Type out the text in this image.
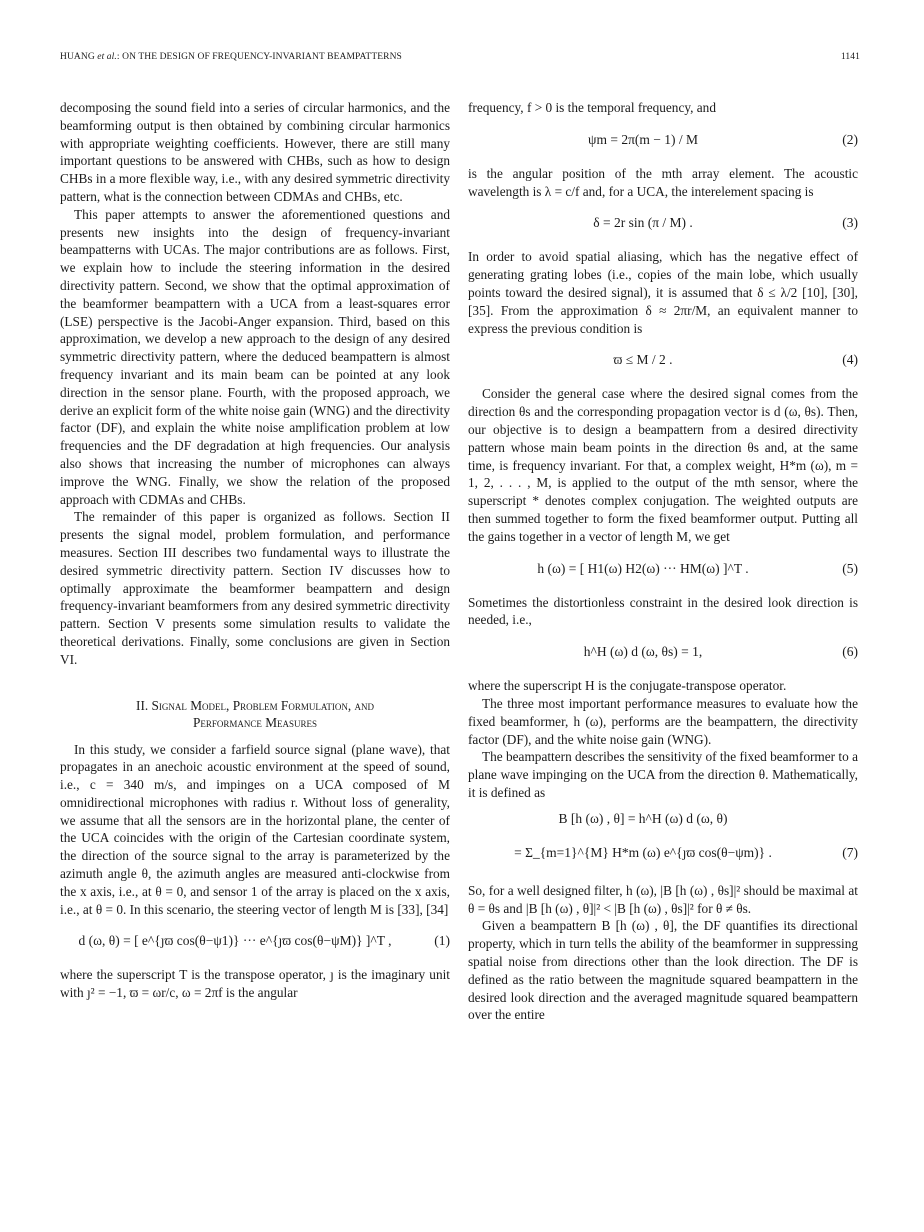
HUANG et al.: ON THE DESIGN OF FREQUENCY-INVARIANT BEAMPATTERNS	1141

decomposing the sound field into a series of circular harmonics, and the beamforming output is then obtained by combining circular harmonics with appropriate weighting coefficients. However, there are still many important questions to be answered with CHBs, such as how to design CHBs in a more flexible way, i.e., with any desired symmetric directivity pattern, what is the connection between CDMAs and CHBs, etc.

This paper attempts to answer the aforementioned questions and presents new insights into the design of frequency-invariant beampatterns with UCAs. The major contributions are as follows. First, we explain how to include the steering information in the desired directivity pattern. Second, we show that the optimal approximation of the beamformer beampattern with a UCA from a least-squares error (LSE) perspective is the Jacobi-Anger expansion. Third, based on this approximation, we develop a new approach to the design of any desired symmetric directivity pattern, where the deduced beampattern is almost frequency invariant and its main beam can be pointed at any look direction in the sensor plane. Fourth, with the proposed approach, we derive an explicit form of the white noise gain (WNG) and the directivity factor (DF), and explain the white noise amplification problem at low frequencies and the DF degradation at high frequencies. Our analysis also shows that increasing the number of microphones can always improve the WNG. Finally, we show the relation of the proposed approach with CDMAs and CHBs.

The remainder of this paper is organized as follows. Section II presents the signal model, problem formulation, and performance measures. Section III describes two fundamental ways to illustrate the desired symmetric directivity pattern. Section IV discusses how to optimally approximate the beamformer beampattern and design frequency-invariant beamformers from any desired symmetric directivity pattern. Section V presents some simulation results to validate the theoretical derivations. Finally, some conclusions are given in Section VI.

II. Signal Model, Problem Formulation, and
Performance Measures

In this study, we consider a farfield source signal (plane wave), that propagates in an anechoic acoustic environment at the speed of sound, i.e., c = 340 m/s, and impinges on a UCA composed of M omnidirectional microphones with radius r. Without loss of generality, we assume that all the sensors are in the horizontal plane, the center of the UCA coincides with the origin of the Cartesian coordinate system, the direction of the source signal to the array is parameterized by the azimuth angle θ, the azimuth angles are measured anti-clockwise from the x axis, i.e., at θ = 0, and sensor 1 of the array is placed on the x axis, i.e., at θ = 0. In this scenario, the steering vector of length M is [33], [34]

d (ω, θ) = [ e^{ȷϖ cos(θ−ψ1)} ··· e^{ȷϖ cos(θ−ψM)} ]^T ,	(1)

where the superscript T is the transpose operator, ȷ is the imaginary unit with ȷ² = −1, ϖ = ωr/c, ω = 2πf is the angular

frequency, f > 0 is the temporal frequency, and

ψm = 2π(m − 1) / M	(2)

is the angular position of the mth array element. The acoustic wavelength is λ = c/f and, for a UCA, the interelement spacing is

δ = 2r sin (π / M) .	(3)

In order to avoid spatial aliasing, which has the negative effect of generating grating lobes (i.e., copies of the main lobe, which usually points toward the desired signal), it is assumed that δ ≤ λ/2 [10], [30], [35]. From the approximation δ ≈ 2πr/M, an equivalent manner to express the previous condition is

ϖ ≤ M / 2 .	(4)

Consider the general case where the desired signal comes from the direction θs and the corresponding propagation vector is d (ω, θs). Then, our objective is to design a beampattern from a desired directivity pattern whose main beam points in the direction θs and, at the same time, is frequency invariant. For that, a complex weight, H*m (ω), m = 1, 2, . . . , M, is applied to the output of the mth sensor, where the superscript * denotes complex conjugation. The weighted outputs are then summed together to form the fixed beamformer output. Putting all the gains together in a vector of length M, we get

h (ω) = [ H1(ω) H2(ω) ··· HM(ω) ]^T .	(5)

Sometimes the distortionless constraint in the desired look direction is needed, i.e.,

h^H (ω) d (ω, θs) = 1,	(6)

where the superscript H is the conjugate-transpose operator.

The three most important performance measures to evaluate how the fixed beamformer, h (ω), performs are the beampattern, the directivity factor (DF), and the white noise gain (WNG).

The beampattern describes the sensitivity of the fixed beamformer to a plane wave impinging on the UCA from the direction θ. Mathematically, it is defined as

B [h (ω) , θ] = h^H (ω) d (ω, θ)
= Σ_{m=1}^{M} H*m (ω) e^{ȷϖ cos(θ−ψm)} .	(7)

So, for a well designed filter, h (ω), |B [h (ω) , θs]|² should be maximal at θ = θs and |B [h (ω) , θ]|² < |B [h (ω) , θs]|² for θ ≠ θs.

Given a beampattern B [h (ω) , θ], the DF quantifies its directional property, which in turn tells the ability of the beamformer in suppressing spatial noise from directions other than the look direction. The DF is defined as the ratio between the magnitude squared beampattern in the desired look direction and the averaged magnitude squared beampattern over the entire
